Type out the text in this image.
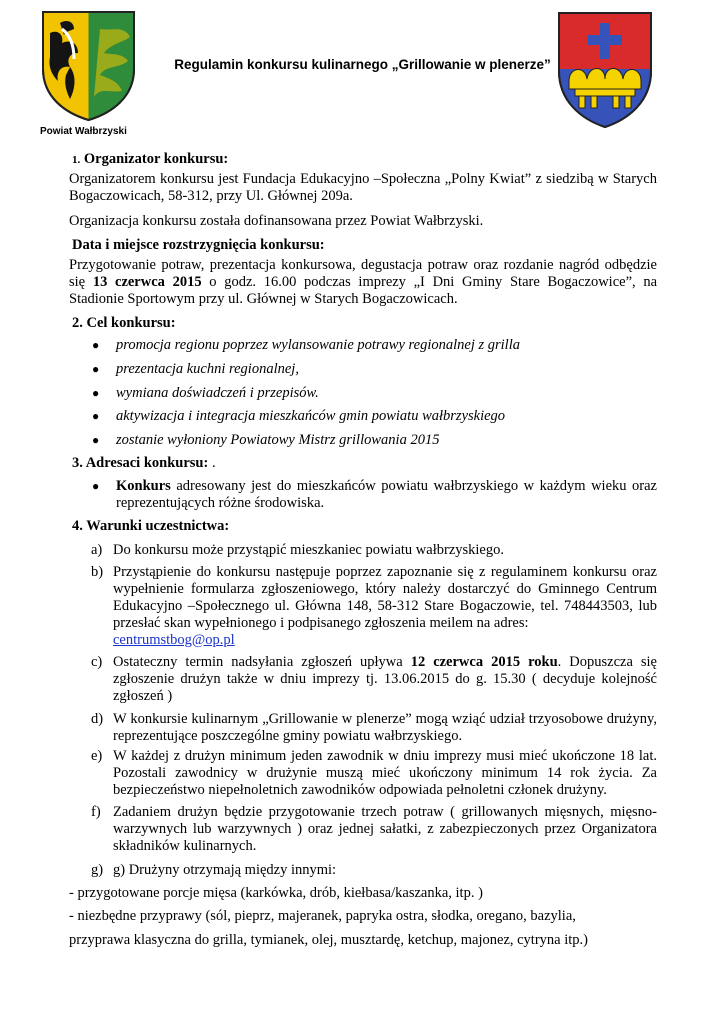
Powiat Wałbrzyski
Regulamin konkursu kulinarnego „Grillowanie w plenerze”
1. Organizator konkursu:

Organizatorem konkursu jest Fundacja Edukacyjno –Społeczna „Polny Kwiat” z siedzibą w Starych Bogaczowicach, 58-312, przy Ul. Głównej 209a.

Organizacja konkursu została dofinansowana przez Powiat Wałbrzyski.

Data i miejsce rozstrzygnięcia konkursu:

Przygotowanie potraw, prezentacja konkursowa, degustacja potraw oraz rozdanie nagród odbędzie się 13 czerwca 2015 o godz. 16.00 podczas imprezy „I Dni Gminy Stare Bogaczowice”, na Stadionie Sportowym przy ul. Głównej w Starych Bogaczowicach.

2. Cel konkursu:
● promocja regionu poprzez wylansowanie potrawy regionalnej z grilla
● prezentacja kuchni regionalnej,
● wymiana doświadczeń i przepisów.
● aktywizacja i integracja mieszkańców gmin powiatu wałbrzyskiego
● zostanie wyłoniony Powiatowy Mistrz grillowania 2015
3. Adresaci konkursu: .
● Konkurs adresowany jest do mieszkańców powiatu wałbrzyskiego w każdym wieku oraz reprezentujących różne środowiska.

4. Warunki uczestnictwa:
a) Do konkursu może przystąpić mieszkaniec powiatu wałbrzyskiego.

b) Przystąpienie do konkursu następuje poprzez zapoznanie się z regulaminem konkursu oraz wypełnienie formularza zgłoszeniowego, który należy dostarczyć do Gminnego Centrum Edukacyjno –Społecznego ul. Główna 148, 58-312 Stare Bogaczowie, tel. 748443503, lub przesłać skan wypełnionego i podpisanego zgłoszenia meilem na adres:
centrumstbog@op.pl

c) Ostateczny termin nadsyłania zgłoszeń upływa 12 czerwca 2015 roku. Dopuszcza się zgłoszenie drużyn także w dniu imprezy tj. 13.06.2015 do g. 15.30 ( decyduje kolejność zgłoszeń )

d) W konkursie kulinarnym „Grillowanie w plenerze” mogą wziąć udział trzyosobowe drużyny, reprezentujące poszczególne gminy powiatu wałbrzyskiego.

e) W każdej z drużyn minimum jeden zawodnik w dniu imprezy musi mieć ukończone 18 lat. Pozostali zawodnicy w drużynie muszą mieć ukończony minimum 14 rok życia. Za bezpieczeństwo niepełnoletnich zawodników odpowiada pełnoletni członek drużyny.

f) Zadaniem drużyn będzie przygotowanie trzech potraw ( grillowanych mięsnych, mięsno-warzywnych lub warzywnych ) oraz jednej sałatki, z zabezpieczonych przez Organizatora składników kulinarnych.

g) g) Drużyny otrzymają między innymi:

- przygotowane porcje mięsa (karkówka, drób, kiełbasa/kaszanka, itp. )

- niezbędne przyprawy (sól, pieprz, majeranek, papryka ostra, słodka, oregano, bazylia,

przyprawa klasyczna do grilla, tymianek, olej, musztardę, ketchup, majonez, cytryna itp.)
